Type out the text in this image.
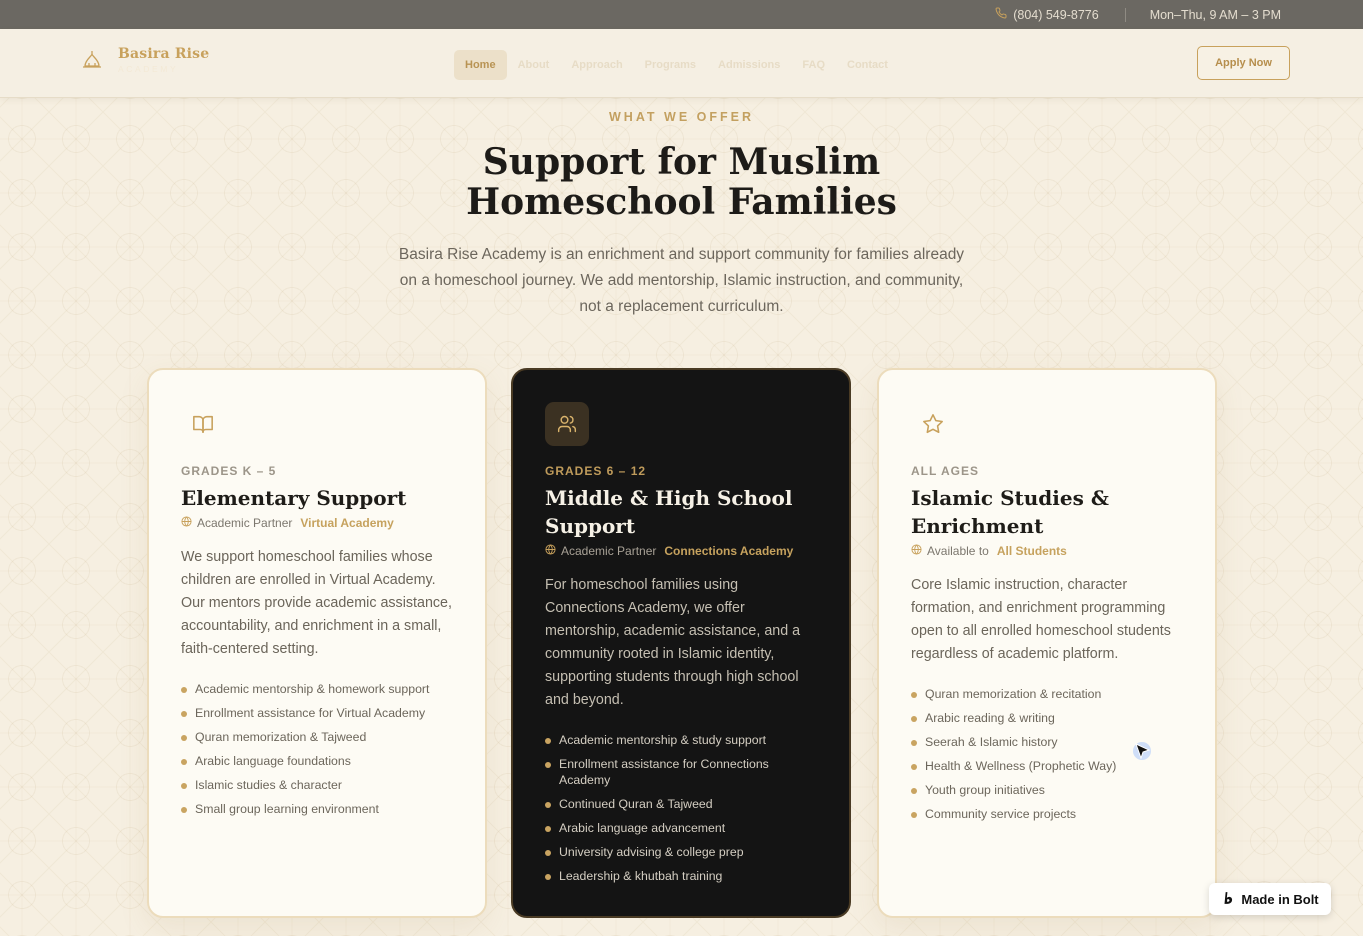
(804) 549-8776	Mon–Thu, 9 AM – 3 PM
Basira Rise
ACADEMY	Home	About	Approach	Programs	Admissions	FAQ	Contact	Apply Now
WHAT WE OFFER
Support for Muslim Homeschool Families

Basira Rise Academy is an enrichment and support community for families already on a homeschool journey. We add mentorship, Islamic instruction, and community, not a replacement curriculum.

GRADES K – 5
Elementary Support
Academic Partner Virtual Academy
We support homeschool families whose children are enrolled in Virtual Academy. Our mentors provide academic assistance, accountability, and enrichment in a small, faith-centered setting.
Academic mentorship & homework support
Enrollment assistance for Virtual Academy
Quran memorization & Tajweed
Arabic language foundations
Islamic studies & character
Small group learning environment
GRADES 6 – 12
Middle & High School Support
Academic Partner Connections Academy
For homeschool families using Connections Academy, we offer mentorship, academic assistance, and a community rooted in Islamic identity, supporting students through high school and beyond.
Academic mentorship & study support
Enrollment assistance for Connections Academy
Continued Quran & Tajweed
Arabic language advancement
University advising & college prep
Leadership & khutbah training
ALL AGES
Islamic Studies & Enrichment
Available to All Students
Core Islamic instruction, character formation, and enrichment programming open to all enrolled homeschool students regardless of academic platform.
Quran memorization & recitation
Arabic reading & writing
Seerah & Islamic history
Health & Wellness (Prophetic Way)
Youth group initiatives
Community service projects
Made in Bolt
